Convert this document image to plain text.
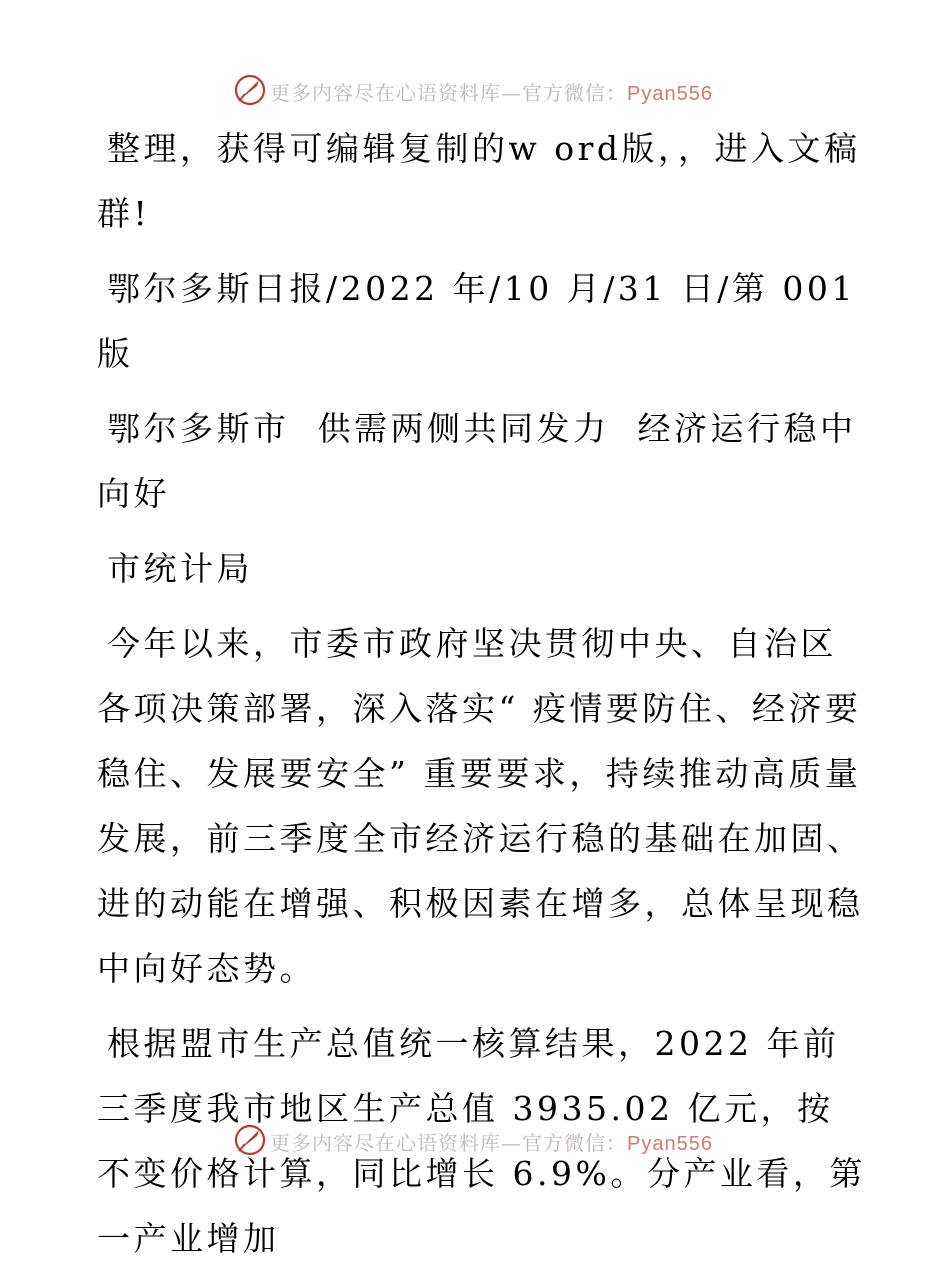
更多内容尽在心语资料库—官方微信：Pyan556

整理，获得可编辑复制的w ord版，，进入文稿群!

鄂尔多斯日报/2022 年/10 月/31 日/第 001 版

鄂尔多斯市  供需两侧共同发力  经济运行稳中向好

市统计局

今年以来，市委市政府坚决贯彻中央、自治区各项决策部署，深入落实“ 疫情要防住、经济要稳住、发展要安全” 重要要求，持续推动高质量发展，前三季度全市经济运行稳的基础在加固、进的动能在增强、积极因素在增多，总体呈现稳中向好态势。

根据盟市生产总值统一核算结果，2022 年前三季度我市地区生产总值 3935.02 亿元，按不变价格计算，同比增长 6.9%。分产业看，第一产业增加

更多内容尽在心语资料库—官方微信：Pyan556
